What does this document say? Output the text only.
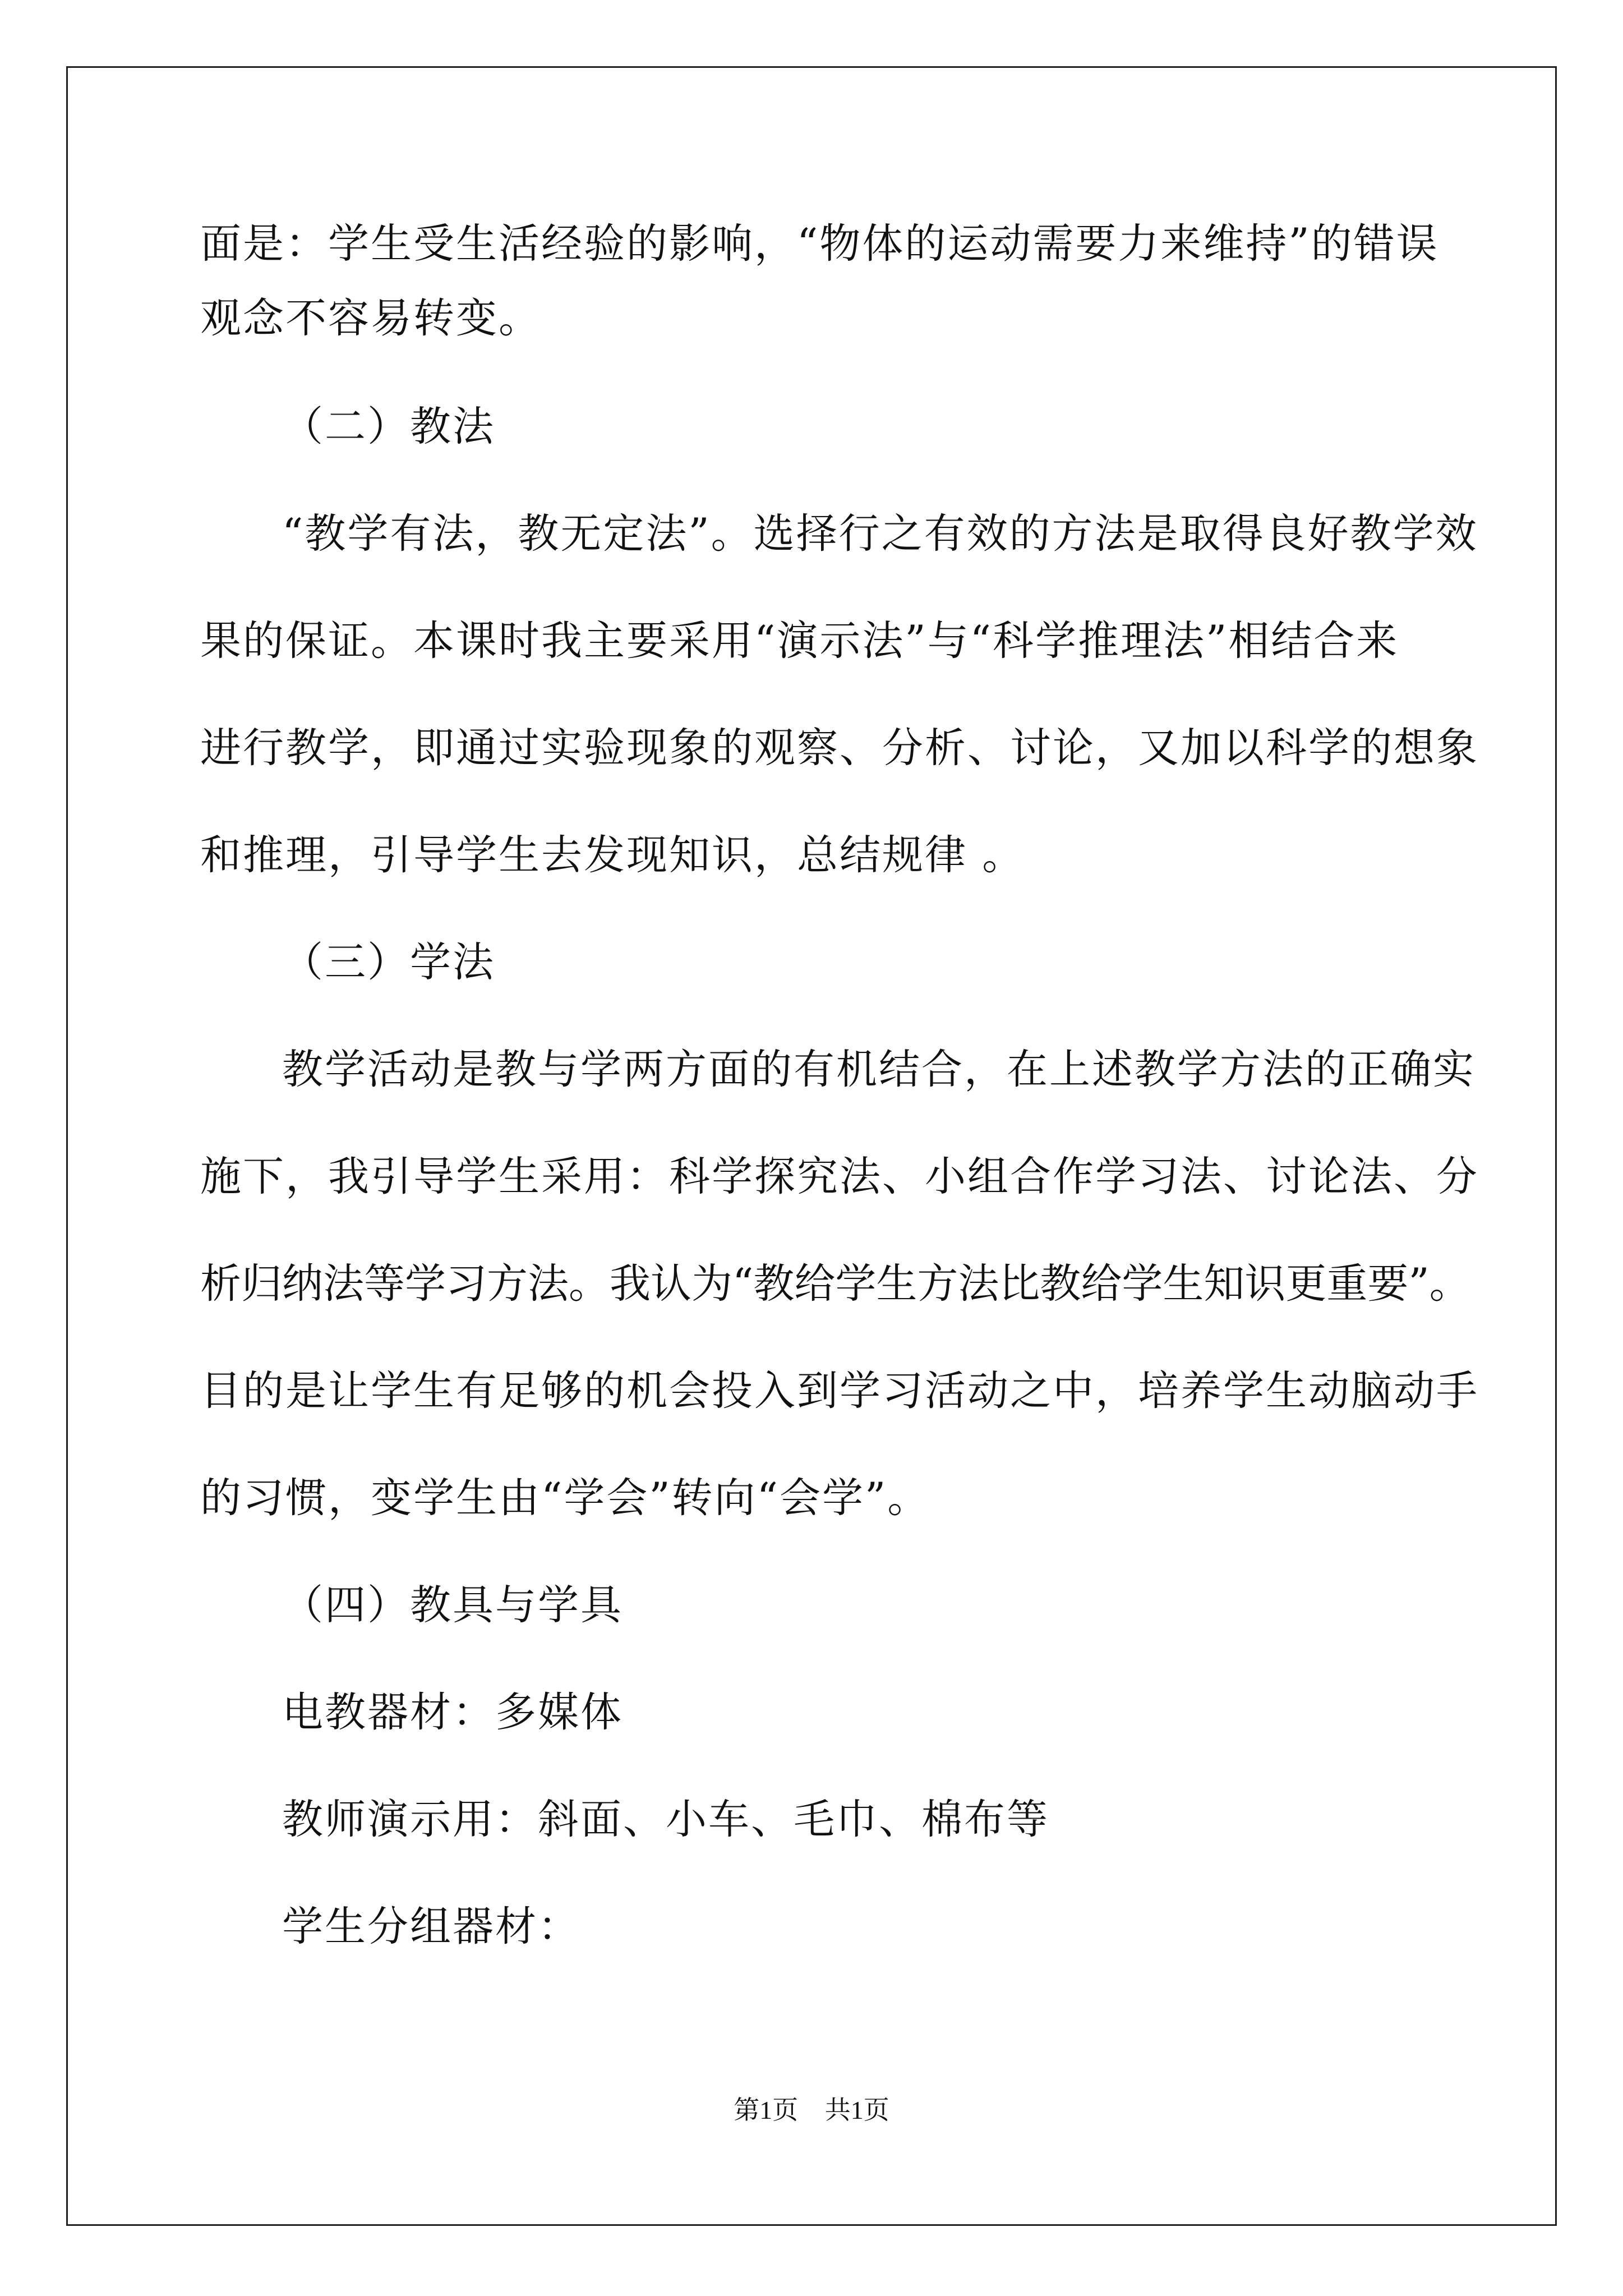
面是：学生受生活经验的影响，“物体的运动需要力来维持”的错误
观念不容易转变。
（二）教法
“教学有法，教无定法”。选择行之有效的方法是取得良好教学效
果的保证。本课时我主要采用“演示法”与“科学推理法”相结合来
进行教学，即通过实验现象的观察、分析、讨论，又加以科学的想象
和推理，引导学生去发现知识，总结规律 。
（三）学法
教学活动是教与学两方面的有机结合，在上述教学方法的正确实
施下，我引导学生采用：科学探究法、小组合作学习法、讨论法、分
析归纳法等学习方法。我认为“教给学生方法比教给学生知识更重要”。
目的是让学生有足够的机会投入到学习活动之中，培养学生动脑动手
的习惯，变学生由“学会”转向“会学”。
（四）教具与学具
电教器材：多媒体
教师演示用：斜面、小车、毛巾、棉布等
学生分组器材：
第1页 共1页
